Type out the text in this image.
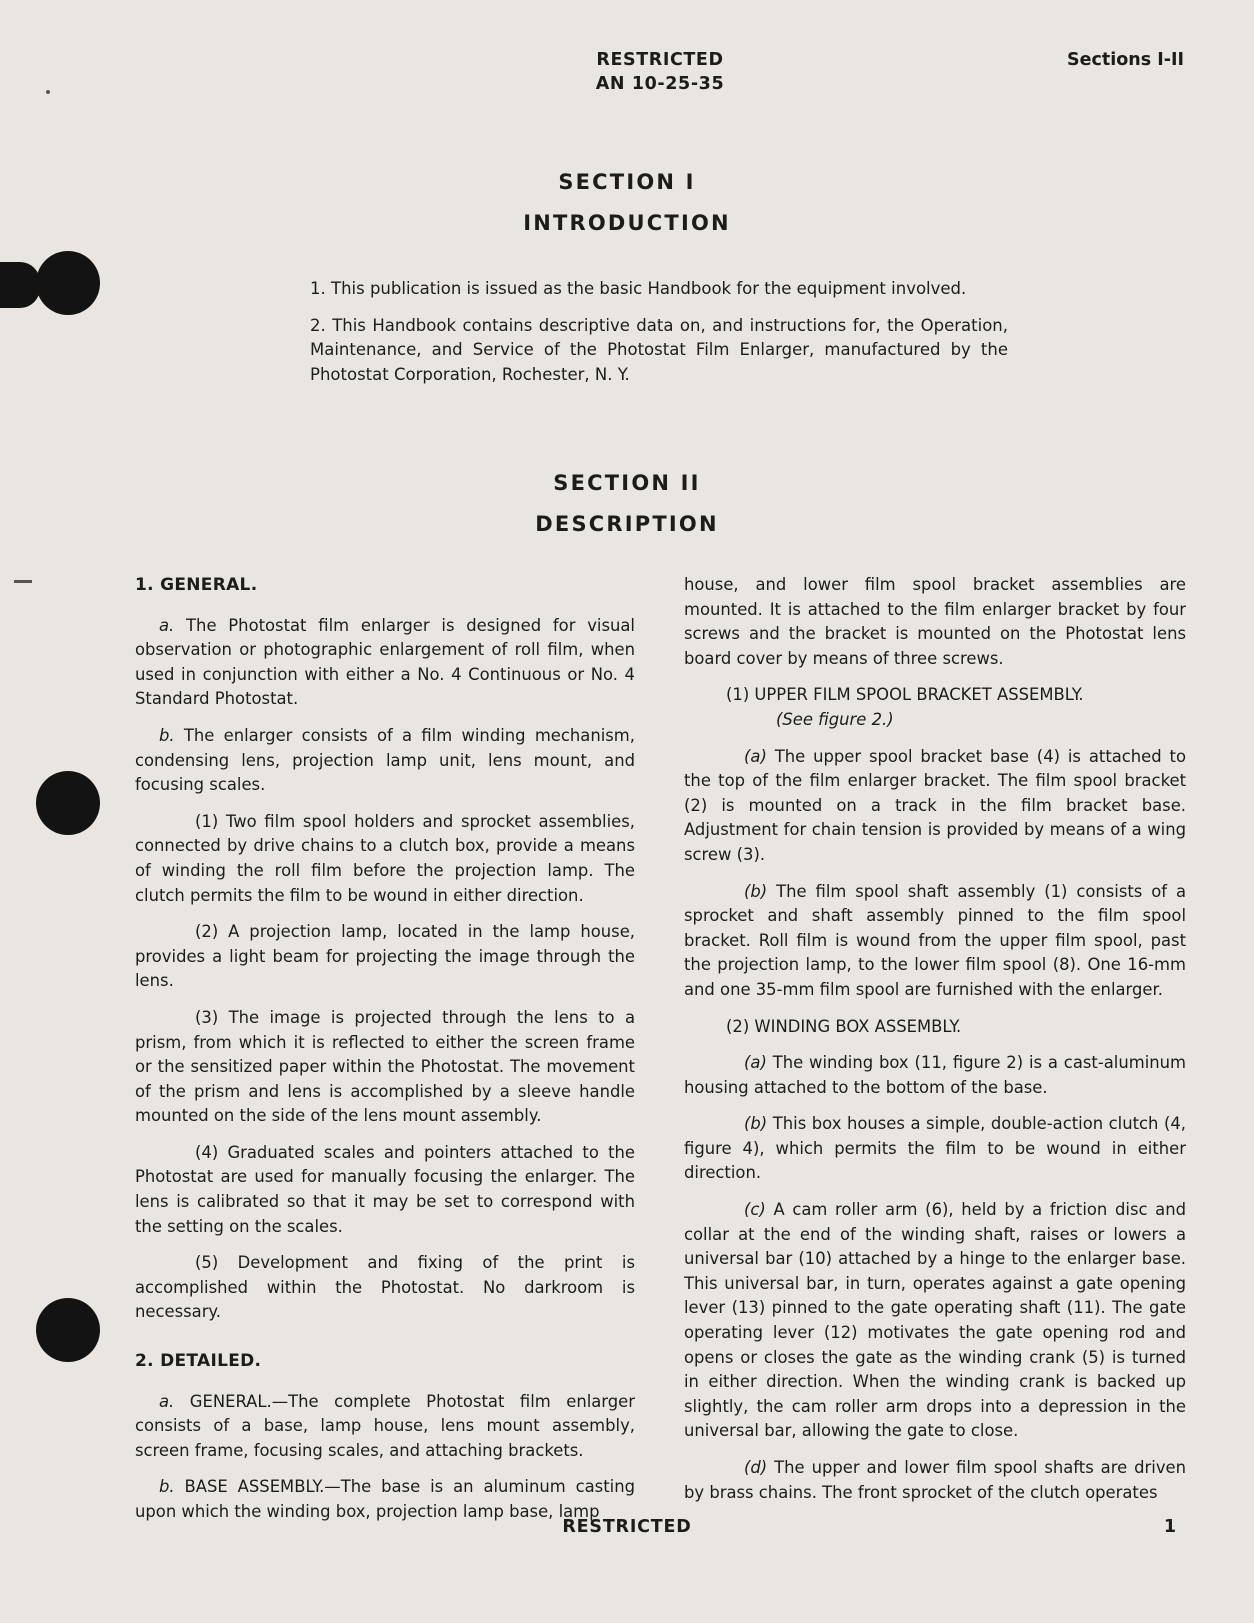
RESTRICTED
AN 10-25-35
Sections I-II
SECTION I
INTRODUCTION

1. This publication is issued as the basic Handbook for the equipment involved.

2. This Handbook contains descriptive data on, and instructions for, the Operation, Maintenance, and Service of the Photostat Film Enlarger, manufactured by the Photostat Corporation, Rochester, N. Y.

SECTION II
DESCRIPTION

1. GENERAL.

a. The Photostat film enlarger is designed for visual observation or photographic enlargement of roll film, when used in conjunction with either a No. 4 Continuous or No. 4 Standard Photostat.

b. The enlarger consists of a film winding mechanism, condensing lens, projection lamp unit, lens mount, and focusing scales.

(1) Two film spool holders and sprocket assemblies, connected by drive chains to a clutch box, provide a means of winding the roll film before the projection lamp. The clutch permits the film to be wound in either direction.

(2) A projection lamp, located in the lamp house, provides a light beam for projecting the image through the lens.

(3) The image is projected through the lens to a prism, from which it is reflected to either the screen frame or the sensitized paper within the Photostat. The movement of the prism and lens is accomplished by a sleeve handle mounted on the side of the lens mount assembly.

(4) Graduated scales and pointers attached to the Photostat are used for manually focusing the enlarger. The lens is calibrated so that it may be set to correspond with the setting on the scales.

(5) Development and fixing of the print is accomplished within the Photostat. No darkroom is necessary.

2. DETAILED.

a. GENERAL.—The complete Photostat film enlarger consists of a base, lamp house, lens mount assembly, screen frame, focusing scales, and attaching brackets.

b. BASE ASSEMBLY.—The base is an aluminum casting upon which the winding box, projection lamp base, lamp

house, and lower film spool bracket assemblies are mounted. It is attached to the film enlarger bracket by four screws and the bracket is mounted on the Photostat lens board cover by means of three screws.

(1) UPPER FILM SPOOL BRACKET ASSEMBLY.
(See figure 2.)

(a) The upper spool bracket base (4) is attached to the top of the film enlarger bracket. The film spool bracket (2) is mounted on a track in the film bracket base. Adjustment for chain tension is provided by means of a wing screw (3).

(b) The film spool shaft assembly (1) consists of a sprocket and shaft assembly pinned to the film spool bracket. Roll film is wound from the upper film spool, past the projection lamp, to the lower film spool (8). One 16-mm and one 35-mm film spool are furnished with the enlarger.

(2) WINDING BOX ASSEMBLY.

(a) The winding box (11, figure 2) is a cast-aluminum housing attached to the bottom of the base.

(b) This box houses a simple, double-action clutch (4, figure 4), which permits the film to be wound in either direction.

(c) A cam roller arm (6), held by a friction disc and collar at the end of the winding shaft, raises or lowers a universal bar (10) attached by a hinge to the enlarger base. This universal bar, in turn, operates against a gate opening lever (13) pinned to the gate operating shaft (11). The gate operating lever (12) motivates the gate opening rod and opens or closes the gate as the winding crank (5) is turned in either direction. When the winding crank is backed up slightly, the cam roller arm drops into a depression in the universal bar, allowing the gate to close.

(d) The upper and lower film spool shafts are driven by brass chains. The front sprocket of the clutch operates

RESTRICTED	1
